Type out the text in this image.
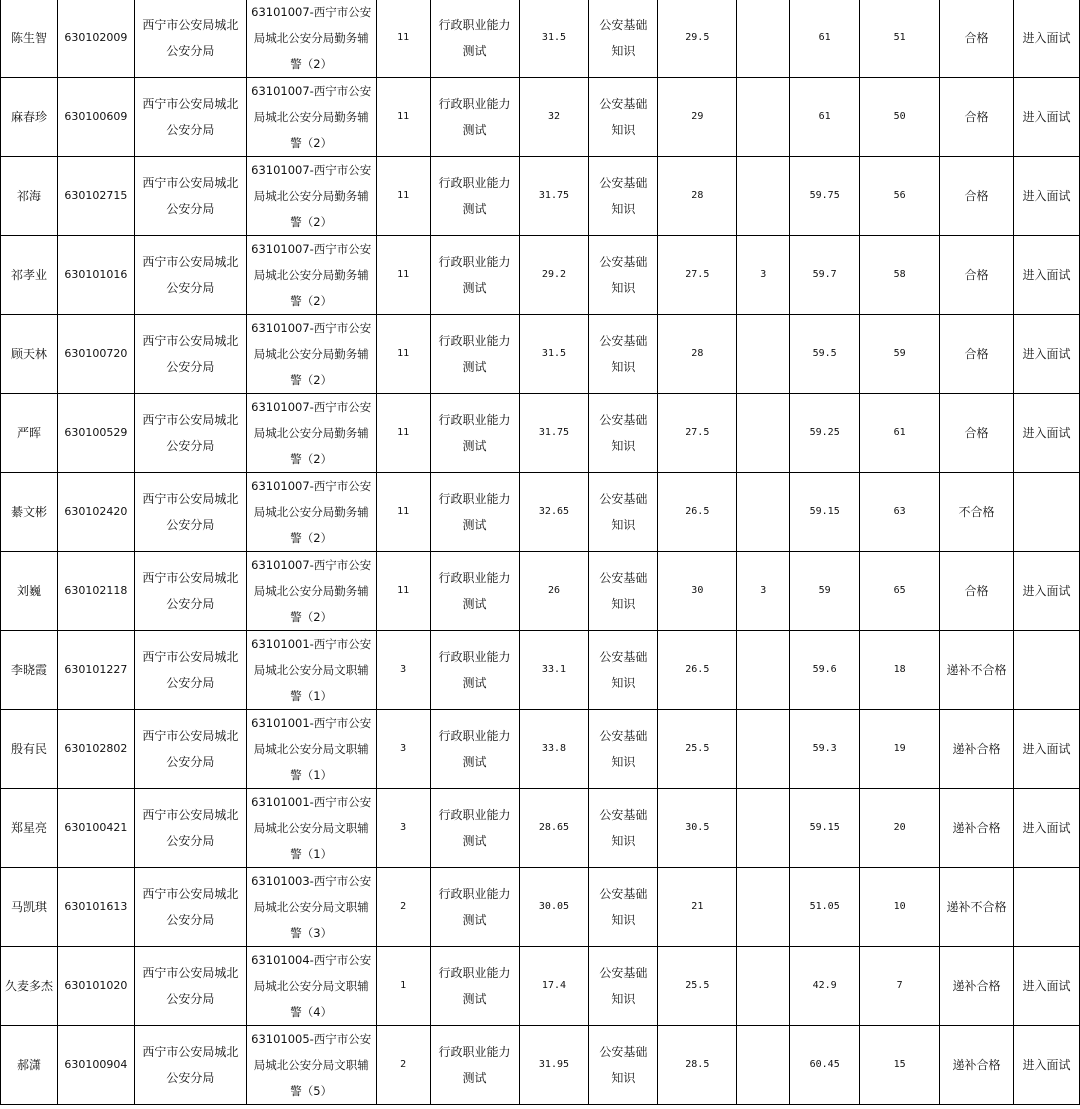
陈生智	630102009	西宁市公安局城北公安分局	63101007-西宁市公安局城北公安分局勤务辅警（2）	11	行政职业能力测试	31.5	公安基础知识	29.5		61	51	合格	进入面试
麻春珍	630100609	西宁市公安局城北公安分局	63101007-西宁市公安局城北公安分局勤务辅警（2）	11	行政职业能力测试	32	公安基础知识	29		61	50	合格	进入面试
祁海	630102715	西宁市公安局城北公安分局	63101007-西宁市公安局城北公安分局勤务辅警（2）	11	行政职业能力测试	31.75	公安基础知识	28		59.75	56	合格	进入面试
祁孝业	630101016	西宁市公安局城北公安分局	63101007-西宁市公安局城北公安分局勤务辅警（2）	11	行政职业能力测试	29.2	公安基础知识	27.5	3	59.7	58	合格	进入面试
顾天林	630100720	西宁市公安局城北公安分局	63101007-西宁市公安局城北公安分局勤务辅警（2）	11	行政职业能力测试	31.5	公安基础知识	28		59.5	59	合格	进入面试
严晖	630100529	西宁市公安局城北公安分局	63101007-西宁市公安局城北公安分局勤务辅警（2）	11	行政职业能力测试	31.75	公安基础知识	27.5		59.25	61	合格	进入面试
綦文彬	630102420	西宁市公安局城北公安分局	63101007-西宁市公安局城北公安分局勤务辅警（2）	11	行政职业能力测试	32.65	公安基础知识	26.5		59.15	63	不合格	
刘巍	630102118	西宁市公安局城北公安分局	63101007-西宁市公安局城北公安分局勤务辅警（2）	11	行政职业能力测试	26	公安基础知识	30	3	59	65	合格	进入面试
李晓霞	630101227	西宁市公安局城北公安分局	63101001-西宁市公安局城北公安分局文职辅警（1）	3	行政职业能力测试	33.1	公安基础知识	26.5		59.6	18	递补不合格	
殷有民	630102802	西宁市公安局城北公安分局	63101001-西宁市公安局城北公安分局文职辅警（1）	3	行政职业能力测试	33.8	公安基础知识	25.5		59.3	19	递补合格	进入面试
郑星亮	630100421	西宁市公安局城北公安分局	63101001-西宁市公安局城北公安分局文职辅警（1）	3	行政职业能力测试	28.65	公安基础知识	30.5		59.15	20	递补合格	进入面试
马凯琪	630101613	西宁市公安局城北公安分局	63101003-西宁市公安局城北公安分局文职辅警（3）	2	行政职业能力测试	30.05	公安基础知识	21		51.05	10	递补不合格	
久麦多杰	630101020	西宁市公安局城北公安分局	63101004-西宁市公安局城北公安分局文职辅警（4）	1	行政职业能力测试	17.4	公安基础知识	25.5		42.9	7	递补合格	进入面试
郝潇	630100904	西宁市公安局城北公安分局	63101005-西宁市公安局城北公安分局文职辅警（5）	2	行政职业能力测试	31.95	公安基础知识	28.5		60.45	15	递补合格	进入面试
